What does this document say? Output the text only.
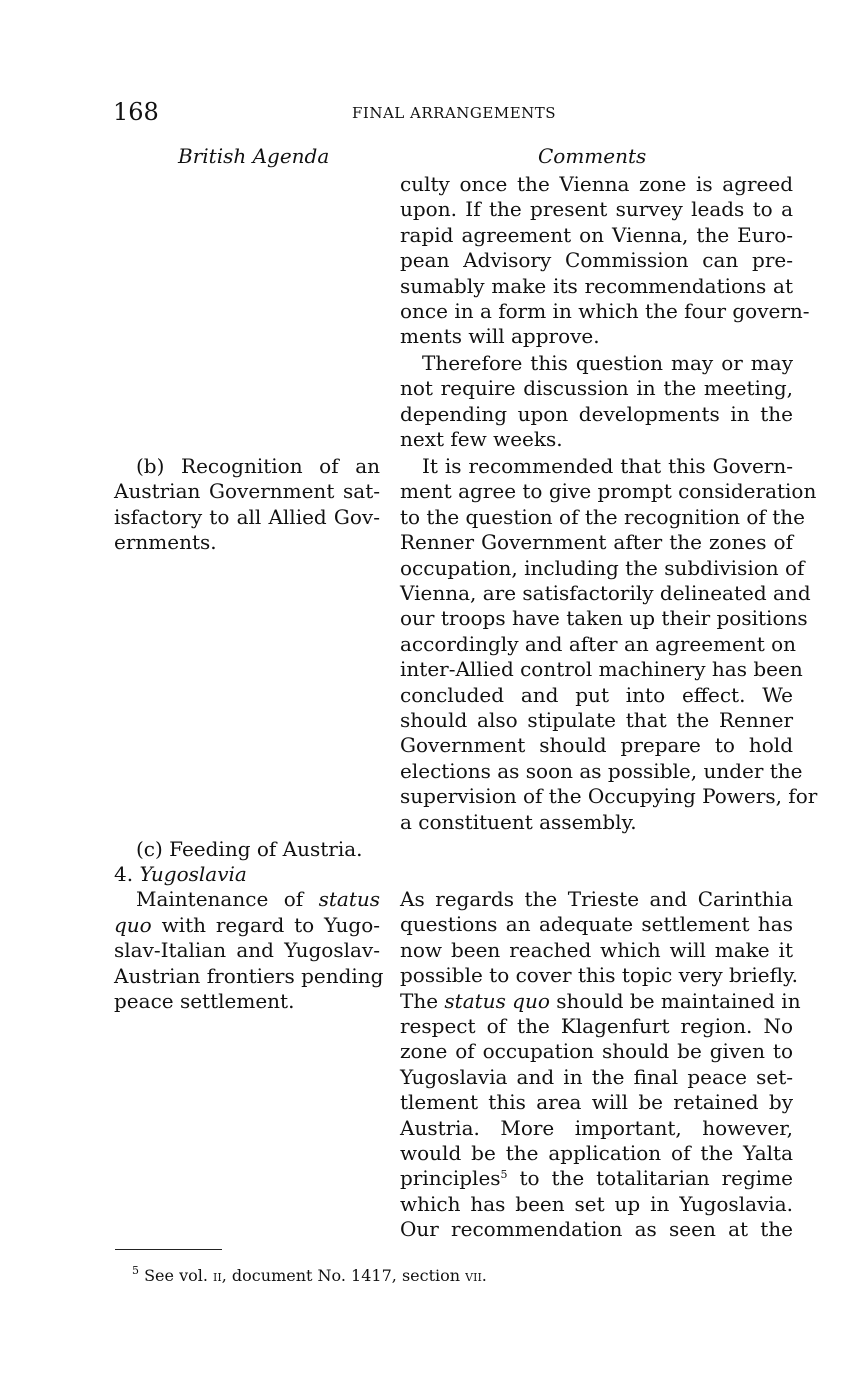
168	FINAL ARRANGEMENTS
British Agenda	Comments
culty once the Vienna zone is agreed
upon. If the present survey leads to a
rapid agreement on Vienna, the Euro-
pean Advisory Commission can pre-
sumably make its recommendations at
once in a form in which the four govern-
ments will approve.
Therefore this question may or may
not require discussion in the meeting,
depending upon developments in the
next few weeks.
(b) Recognition of an
Austrian Government sat-
isfactory to all Allied Gov-
ernments.
It is recommended that this Govern-
ment agree to give prompt consideration
to the question of the recognition of the
Renner Government after the zones of
occupation, including the subdivision of
Vienna, are satisfactorily delineated and
our troops have taken up their positions
accordingly and after an agreement on
inter-Allied control machinery has been
concluded and put into effect. We
should also stipulate that the Renner
Government should prepare to hold
elections as soon as possible, under the
supervision of the Occupying Powers, for
a constituent assembly.
(c) Feeding of Austria.
4. Yugoslavia
Maintenance of status
quo with regard to Yugo-
slav-Italian and Yugoslav-
Austrian frontiers pending
peace settlement.
As regards the Trieste and Carinthia
questions an adequate settlement has
now been reached which will make it
possible to cover this topic very briefly.
The status quo should be maintained in
respect of the Klagenfurt region. No
zone of occupation should be given to
Yugoslavia and in the final peace set-
tlement this area will be retained by
Austria. More important, however,
would be the application of the Yalta
principles$^5$ to the totalitarian regime
which has been set up in Yugoslavia.
Our recommendation as seen at the
$^5$ See vol. ii, document No. 1417, section vii.
